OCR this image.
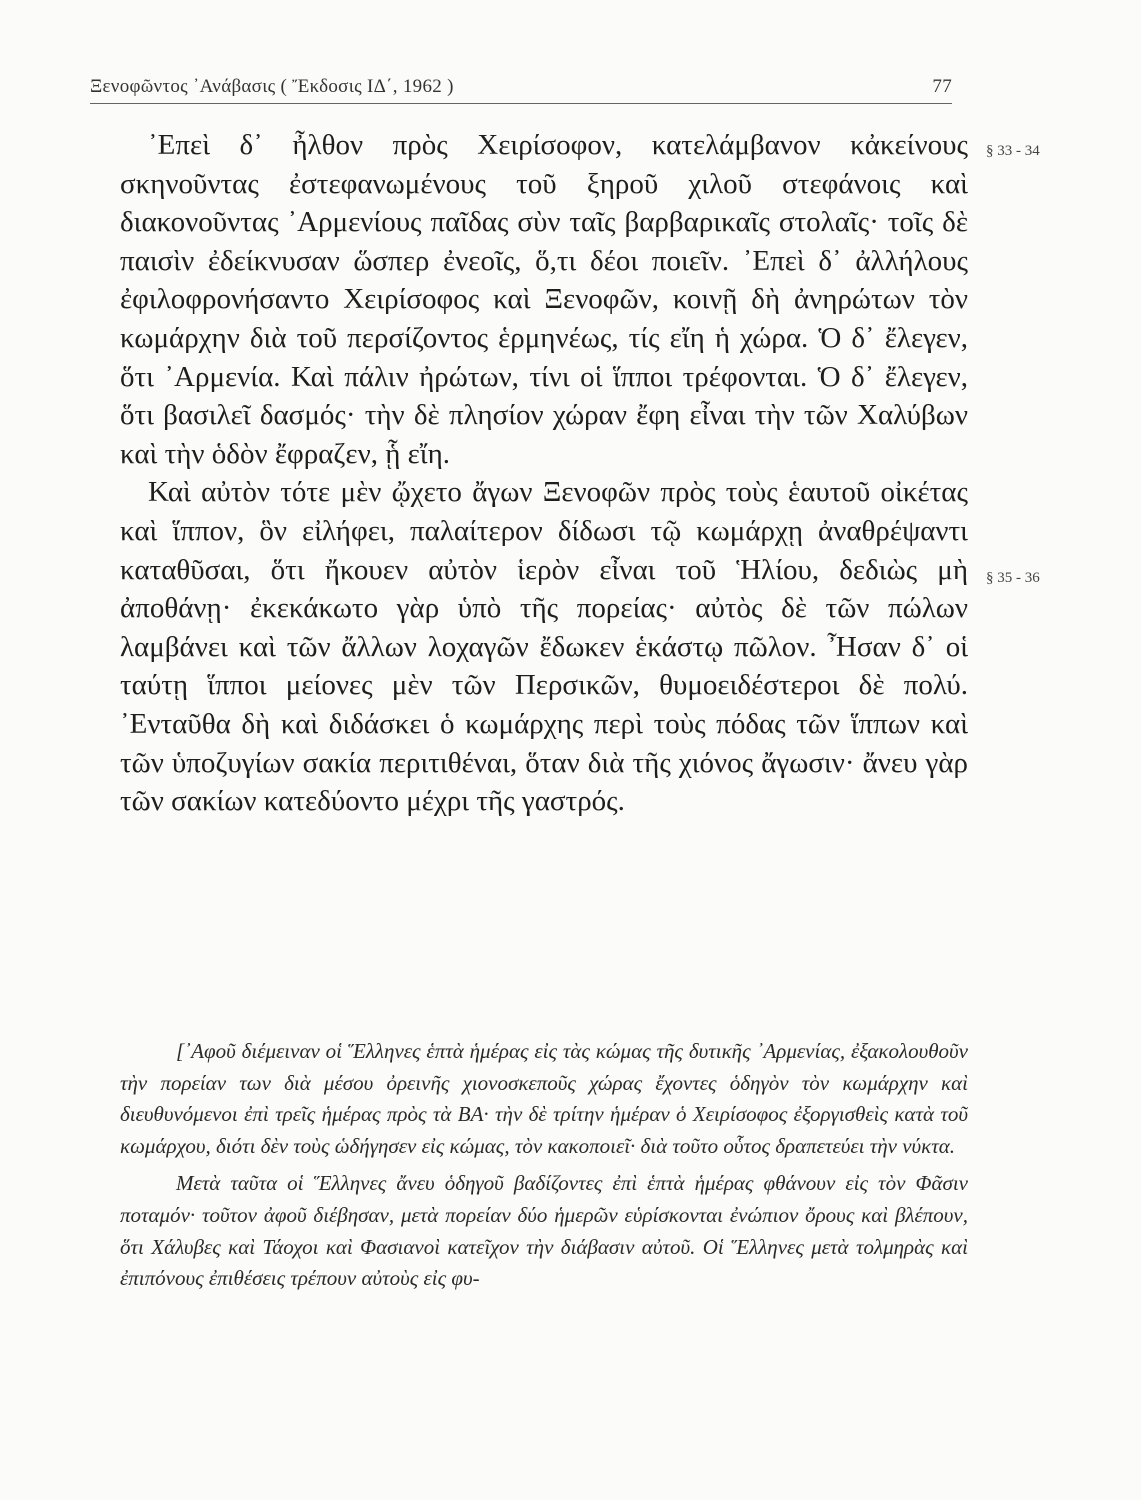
Ξενοφῶντος ᾿Ανάβασις ( Ἔκδοσις ΙΔ΄, 1962 )	77

᾿Επεὶ δ᾿ ἦλθον πρὸς Χειρίσοφον, κατελάμβανον κἀκείνους σκηνοῦντας ἐστεφανωμένους τοῦ ξηροῦ χιλοῦ στεφάνοις καὶ διακονοῦντας ᾿Αρμενίους παῖδας σὺν ταῖς βαρβαρικαῖς στολαῖς· τοῖς δὲ παισὶν ἐδείκνυσαν ὥσπερ ἐνεοῖς, ὅ,τι δέοι ποιεῖν. ᾿Επεὶ δ᾿ ἀλλήλους ἐφιλοφρονήσαντο Χειρίσοφος καὶ Ξενοφῶν, κοινῇ δὴ ἀνηρώτων τὸν κωμάρχην διὰ τοῦ περσίζοντος ἑρμηνέως, τίς εἴη ἡ χώρα. Ὁ δ᾿ ἔλεγεν, ὅτι ᾿Αρμενία. Καὶ πάλιν ἠρώτων, τίνι οἱ ἵπποι τρέφονται. Ὁ δ᾿ ἔλεγεν, ὅτι βασιλεῖ δασμός· τὴν δὲ πλησίον χώραν ἔφη εἶναι τὴν τῶν Χαλύβων καὶ τὴν ὁδὸν ἔφραζεν, ᾗ εἴη.

Καὶ αὐτὸν τότε μὲν ᾤχετο ἄγων Ξενοφῶν πρὸς τοὺς ἑαυτοῦ οἰκέτας καὶ ἵππον, ὃν εἰλήφει, παλαίτερον δίδωσι τῷ κωμάρχῃ ἀναθρέψαντι καταθῦσαι, ὅτι ἤκουεν αὐτὸν ἱερὸν εἶναι τοῦ Ἡλίου, δεδιὼς μὴ ἀποθάνῃ· ἐκεκάκωτο γὰρ ὑπὸ τῆς πορείας· αὐτὸς δὲ τῶν πώλων λαμβάνει καὶ τῶν ἄλλων λοχαγῶν ἔδωκεν ἑκάστῳ πῶλον. Ἦσαν δ᾿ οἱ ταύτῃ ἵπποι μείονες μὲν τῶν Περσικῶν, θυμοειδέστεροι δὲ πολύ. ᾿Ενταῦθα δὴ καὶ διδάσκει ὁ κωμάρχης περὶ τοὺς πόδας τῶν ἵππων καὶ τῶν ὑποζυγίων σακία περιτιθέναι, ὅταν διὰ τῆς χιόνος ἄγωσιν· ἄνευ γὰρ τῶν σακίων κατεδύοντο μέχρι τῆς γαστρός.

§ 33 - 34
§ 35 - 36

[᾿Αφοῦ διέμειναν οἱ Ἕλληνες ἑπτὰ ἡμέρας εἰς τὰς κώμας τῆς δυτικῆς ᾿Αρμενίας, ἐξακολουθοῦν τὴν πορείαν των διὰ μέσου ὀρεινῆς χιονοσκεποῦς χώρας ἔχοντες ὁδηγὸν τὸν κωμάρχην καὶ διευθυνόμενοι ἐπὶ τρεῖς ἡμέρας πρὸς τὰ ΒΑ· τὴν δὲ τρίτην ἡμέραν ὁ Χειρίσοφος ἐξοργισθεὶς κατὰ τοῦ κωμάρχου, διότι δὲν τοὺς ὡδήγησεν εἰς κώμας, τὸν κακοποιεῖ· διὰ τοῦτο οὗτος δραπετεύει τὴν νύκτα.

Μετὰ ταῦτα οἱ Ἕλληνες ἄνευ ὁδηγοῦ βαδίζοντες ἐπὶ ἑπτὰ ἡμέρας φθάνουν εἰς τὸν Φᾶσιν ποταμόν· τοῦτον ἀφοῦ διέβησαν, μετὰ πορείαν δύο ἡμερῶν εὑρίσκονται ἐνώπιον ὄρους καὶ βλέπουν, ὅτι Χάλυβες καὶ Τάοχοι καὶ Φασιανοὶ κατεῖχον τὴν διάβασιν αὐτοῦ. Οἱ Ἕλληνες μετὰ τολμηρὰς καὶ ἐπιπόνους ἐπιθέσεις τρέπουν αὐτοὺς εἰς φυ-
